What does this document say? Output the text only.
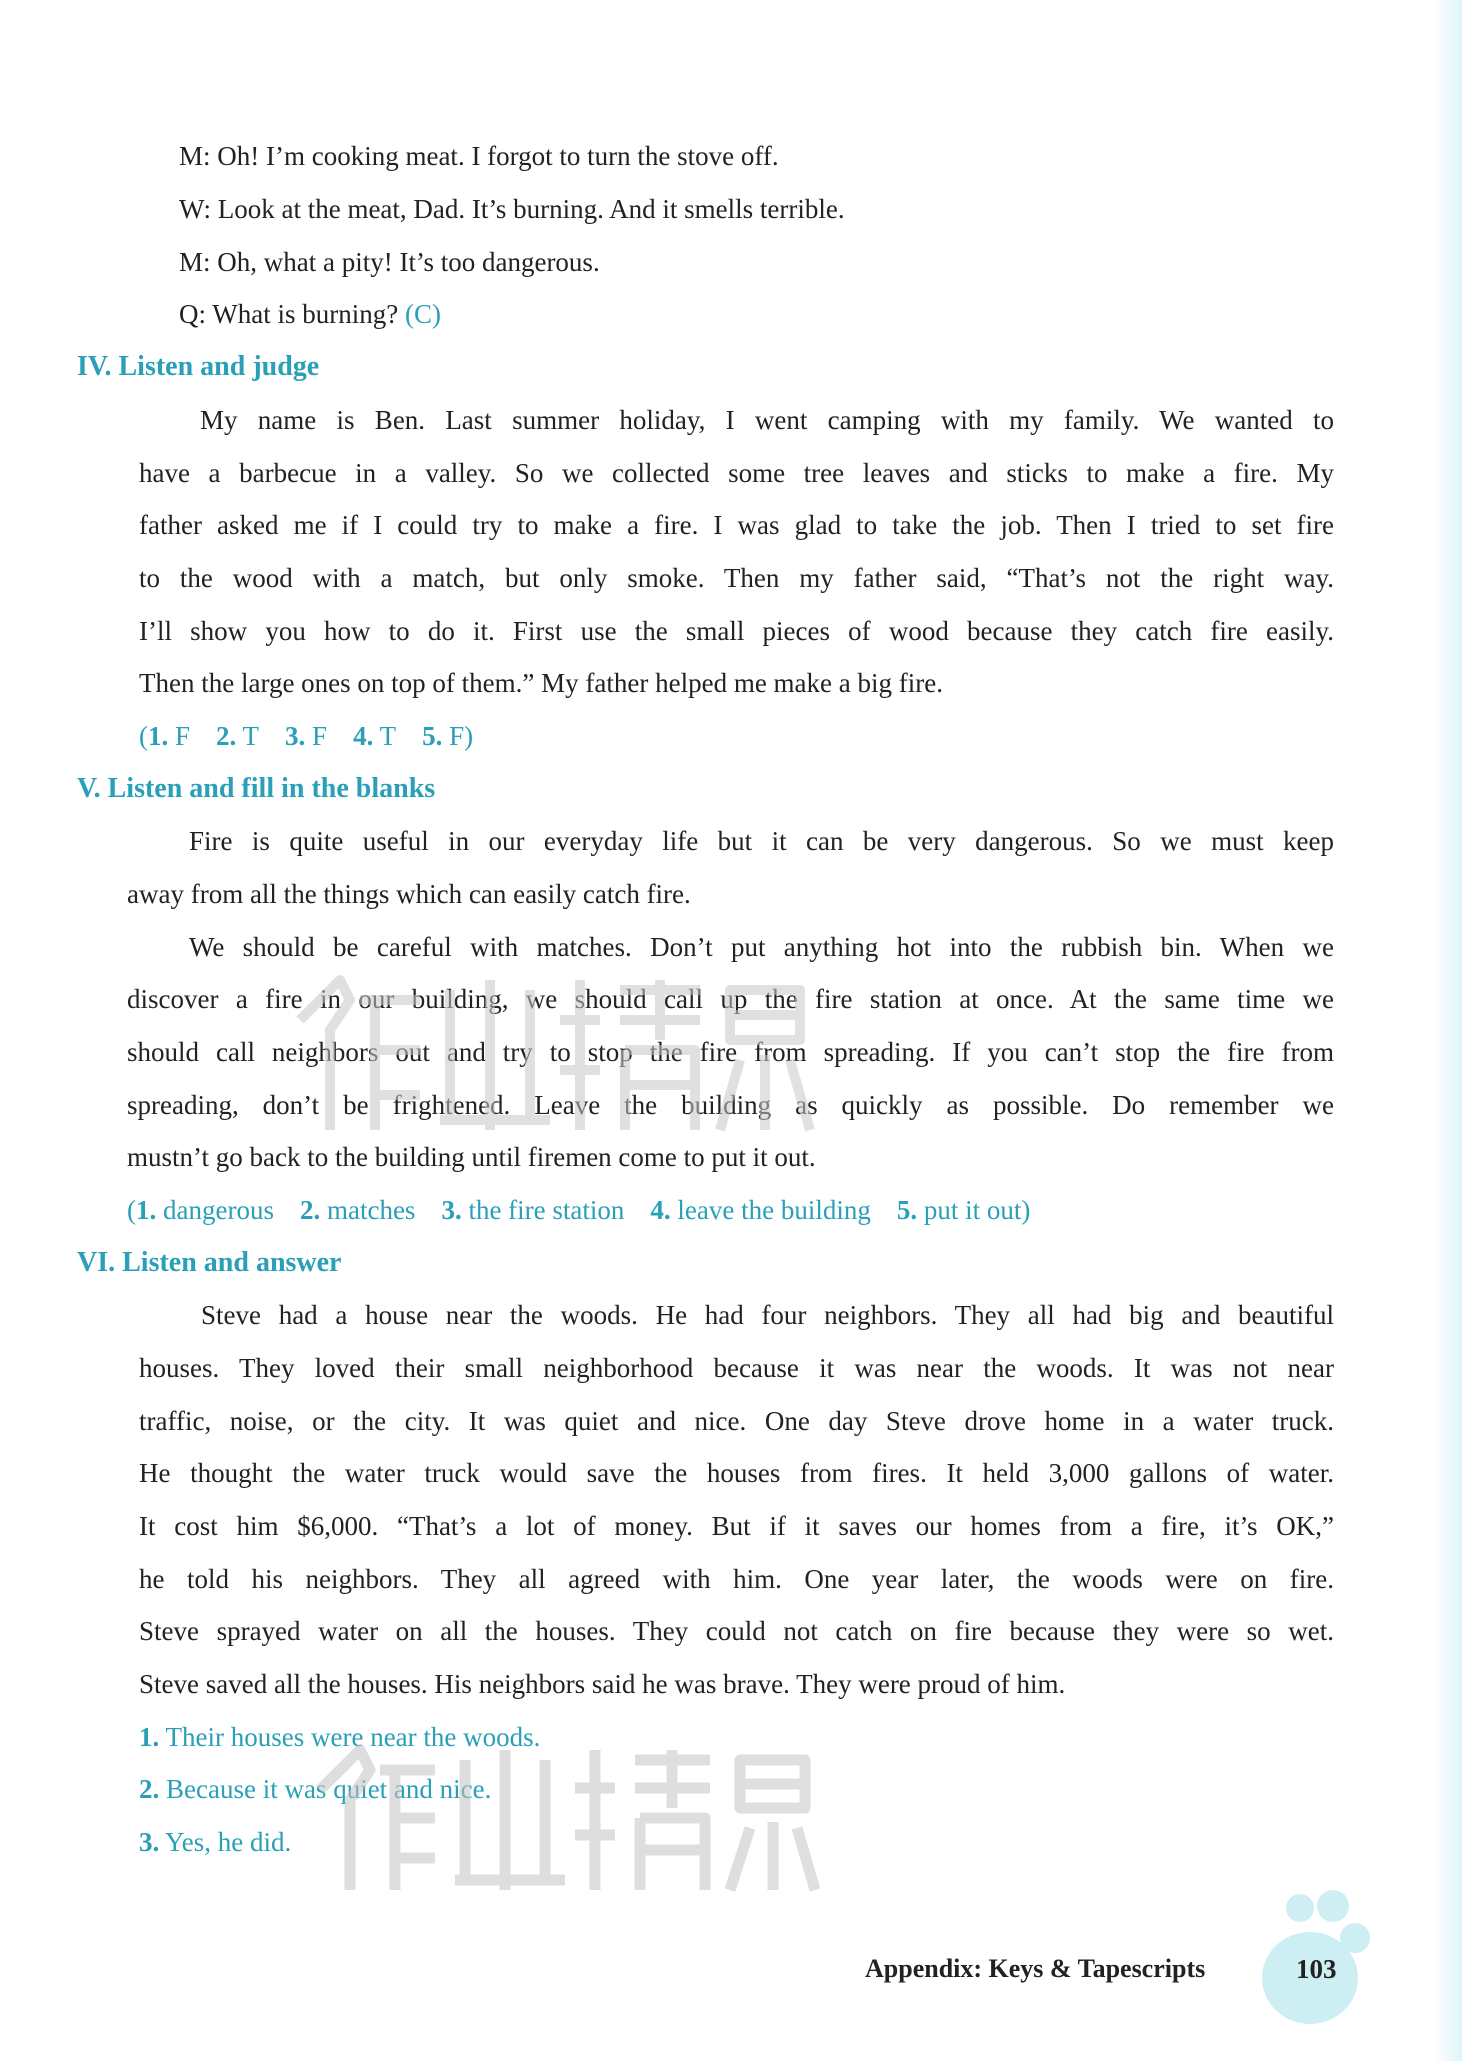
M: Oh! I’m cooking meat. I forgot to turn the stove off.
W: Look at the meat, Dad. It’s burning. And it smells terrible.
M: Oh, what a pity! It’s too dangerous.
Q: What is burning? (C)
IV. Listen and judge
My name is Ben. Last summer holiday, I went camping with my family. We wanted to
have a barbecue in a valley. So we collected some tree leaves and sticks to make a fire. My
father asked me if I could try to make a fire. I was glad to take the job. Then I tried to set fire
to the wood with a match, but only smoke. Then my father said, “That’s not the right way.
I’ll show you how to do it. First use the small pieces of wood because they catch fire easily.
Then the large ones on top of them.” My father helped me make a big fire.
(1. F 2. T 3. F 4. T 5. F)
V. Listen and fill in the blanks
Fire is quite useful in our everyday life but it can be very dangerous. So we must keep
away from all the things which can easily catch fire.
We should be careful with matches. Don’t put anything hot into the rubbish bin. When we
discover a fire in our building, we should call up the fire station at once. At the same time we
should call neighbors out and try to stop the fire from spreading. If you can’t stop the fire from
spreading, don’t be frightened. Leave the building as quickly as possible. Do remember we
mustn’t go back to the building until firemen come to put it out.
(1. dangerous 2. matches 3. the fire station 4. leave the building 5. put it out)
VI. Listen and answer
Steve had a house near the woods. He had four neighbors. They all had big and beautiful
houses. They loved their small neighborhood because it was near the woods. It was not near
traffic, noise, or the city. It was quiet and nice. One day Steve drove home in a water truck.
He thought the water truck would save the houses from fires. It held 3,000 gallons of water.
It cost him $6,000. “That’s a lot of money. But if it saves our homes from a fire, it’s OK,”
he told his neighbors. They all agreed with him. One year later, the woods were on fire.
Steve sprayed water on all the houses. They could not catch on fire because they were so wet.
Steve saved all the houses. His neighbors said he was brave. They were proud of him.
1. Their houses were near the woods.
2. Because it was quiet and nice.
3. Yes, he did.
Appendix: Keys & Tapescripts	103
